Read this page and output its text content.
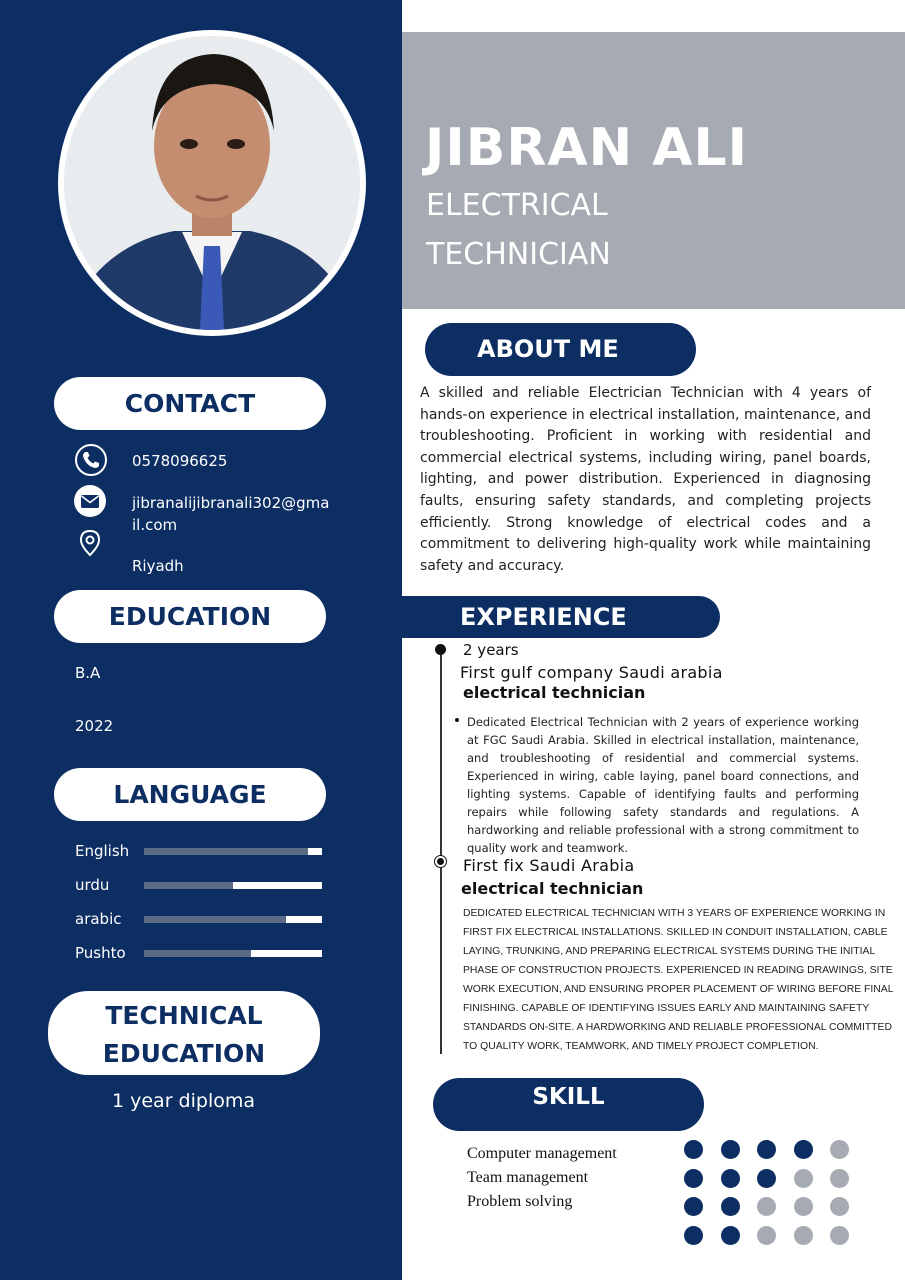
CONTACT
0578096625
jibranalijibranali302@gmail.com
Riyadh
EDUCATION
B.A
2022
LANGUAGE
English
urdu
arabic
Pushto
TECHNICAL
EDUCATION
1 year diploma
JIBRAN ALI
ELECTRICAL TECHNICIAN
ABOUT ME

A skilled and reliable Electrician Technician with 4 years of hands-on experience in electrical installation, maintenance, and troubleshooting. Proficient in working with residential and commercial electrical systems, including wiring, panel boards, lighting, and power distribution. Experienced in diagnosing faults, ensuring safety standards, and completing projects efficiently. Strong knowledge of electrical codes and a commitment to delivering high-quality work while maintaining safety and accuracy.

EXPERIENCE
2 years
First gulf company Saudi arabia
electrical technician

Dedicated Electrical Technician with 2 years of experience working at FGC Saudi Arabia. Skilled in electrical installation, maintenance, and troubleshooting of residential and commercial systems. Experienced in wiring, cable laying, panel board connections, and lighting systems. Capable of identifying faults and performing repairs while following safety standards and regulations. A hardworking and reliable professional with a strong commitment to quality work and teamwork.

First fix Saudi Arabia
electrical technician

DEDICATED ELECTRICAL TECHNICIAN WITH 3 YEARS OF EXPERIENCE WORKING IN FIRST FIX ELECTRICAL INSTALLATIONS. SKILLED IN CONDUIT INSTALLATION, CABLE LAYING, TRUNKING, AND PREPARING ELECTRICAL SYSTEMS DURING THE INITIAL PHASE OF CONSTRUCTION PROJECTS. EXPERIENCED IN READING DRAWINGS, SITE WORK EXECUTION, AND ENSURING PROPER PLACEMENT OF WIRING BEFORE FINAL FINISHING. CAPABLE OF IDENTIFYING ISSUES EARLY AND MAINTAINING SAFETY STANDARDS ON-SITE. A HARDWORKING AND RELIABLE PROFESSIONAL COMMITTED TO QUALITY WORK, TEAMWORK, AND TIMELY PROJECT COMPLETION.

SKILL
Computer management
Team management
Problem solving
